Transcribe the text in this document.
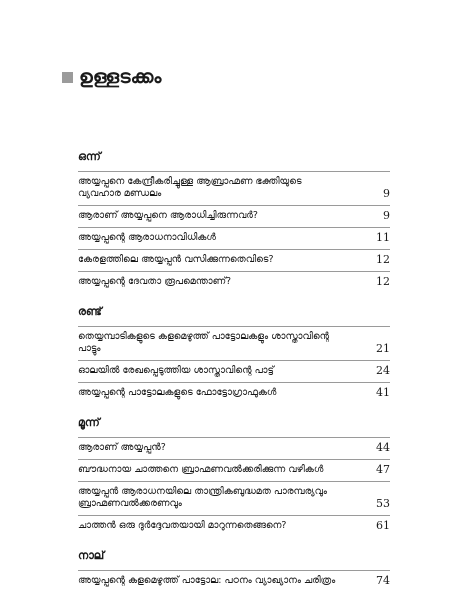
ഉള്ളടക്കം
ഒന്ന്
അയ്യപ്പനെ കേന്ദ്രീകരിച്ചുള്ള ആബ്രാഹ്മണ ഭക്തിയുടെ വ്യവഹാര മണ്ഡലം	9
ആരാണ് അയ്യപ്പനെ ആരാധിച്ചിരുന്നവർ?	9
അയ്യപ്പന്റെ ആരാധനാവിധികൾ	11
കേരളത്തിലെ അയ്യപ്പൻ വസിക്കുന്നതെവിടെ?	12
അയ്യപ്പന്റെ ദേവതാ രൂപമെന്താണ്?	12
രണ്ട്
തെയ്യമ്പാടികളുടെ കളമെഴുത്ത് പാട്ടോലകളും ശാസ്താവിന്റെ പാട്ടും	21
ഓലയിൽ രേഖപ്പെടുത്തിയ ശാസ്താവിന്റെ പാട്ട്	24
അയ്യപ്പന്റെ പാട്ടോലകളുടെ ഫോട്ടോഗ്രാഫുകൾ	41
മൂന്ന്
ആരാണ് അയ്യപ്പൻ?	44
ബൗദ്ധനായ ചാത്തനെ ബ്രാഹ്മണവൽക്കരിക്കുന്ന വഴികൾ	47
അയ്യപ്പൻ ആരാധനയിലെ താന്ത്രികബുദ്ധമത പാരമ്പര്യവും ബ്രാഹ്മണവൽക്കരണവും	53
ചാത്തൻ ഒരു ദുർദ്ദേവതയായി മാറുന്നതെങ്ങനെ?	61
നാല്
അയ്യപ്പന്റെ കളമെഴുത്ത് പാട്ടോല: പഠനം വ്യാഖ്യാനം ചരിത്രം	74
